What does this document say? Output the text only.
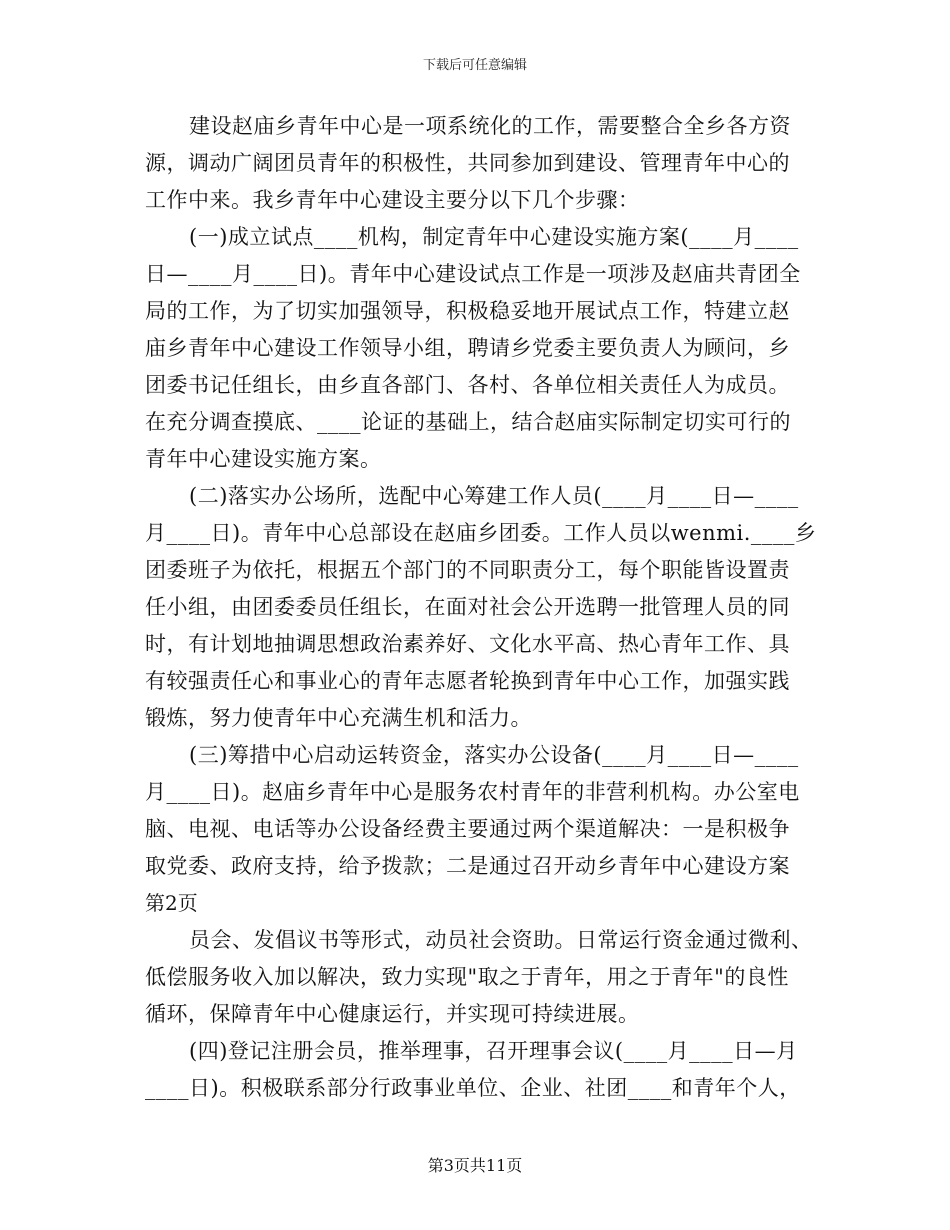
下载后可任意编辑
建设赵庙乡青年中心是一项系统化的工作，需要整合全乡各方资
源，调动广阔团员青年的积极性，共同参加到建设、管理青年中心的
工作中来。我乡青年中心建设主要分以下几个步骤：
(一)成立试点____机构，制定青年中心建设实施方案(____月____
日—____月____日)。青年中心建设试点工作是一项涉及赵庙共青团全
局的工作，为了切实加强领导，积极稳妥地开展试点工作，特建立赵
庙乡青年中心建设工作领导小组，聘请乡党委主要负责人为顾问，乡
团委书记任组长，由乡直各部门、各村、各单位相关责任人为成员。
在充分调查摸底、____论证的基础上，结合赵庙实际制定切实可行的
青年中心建设实施方案。
(二)落实办公场所，选配中心筹建工作人员(____月____日—____
月____日)。青年中心总部设在赵庙乡团委。工作人员以wenmi.____乡
团委班子为依托，根据五个部门的不同职责分工，每个职能皆设置责
任小组，由团委委员任组长，在面对社会公开选聘一批管理人员的同
时，有计划地抽调思想政治素养好、文化水平高、热心青年工作、具
有较强责任心和事业心的青年志愿者轮换到青年中心工作，加强实践
锻炼，努力使青年中心充满生机和活力。
(三)筹措中心启动运转资金，落实办公设备(____月____日—____
月____日)。赵庙乡青年中心是服务农村青年的非营利机构。办公室电
脑、电视、电话等办公设备经费主要通过两个渠道解决：一是积极争
取党委、政府支持，给予拨款；二是通过召开动乡青年中心建设方案
第2页
员会、发倡议书等形式，动员社会资助。日常运行资金通过微利、
低偿服务收入加以解决，致力实现"取之于青年，用之于青年"的良性
循环，保障青年中心健康运行，并实现可持续进展。
(四)登记注册会员，推举理事，召开理事会议(____月____日—月
____日)。积极联系部分行政事业单位、企业、社团____和青年个人，
第3页共11页
